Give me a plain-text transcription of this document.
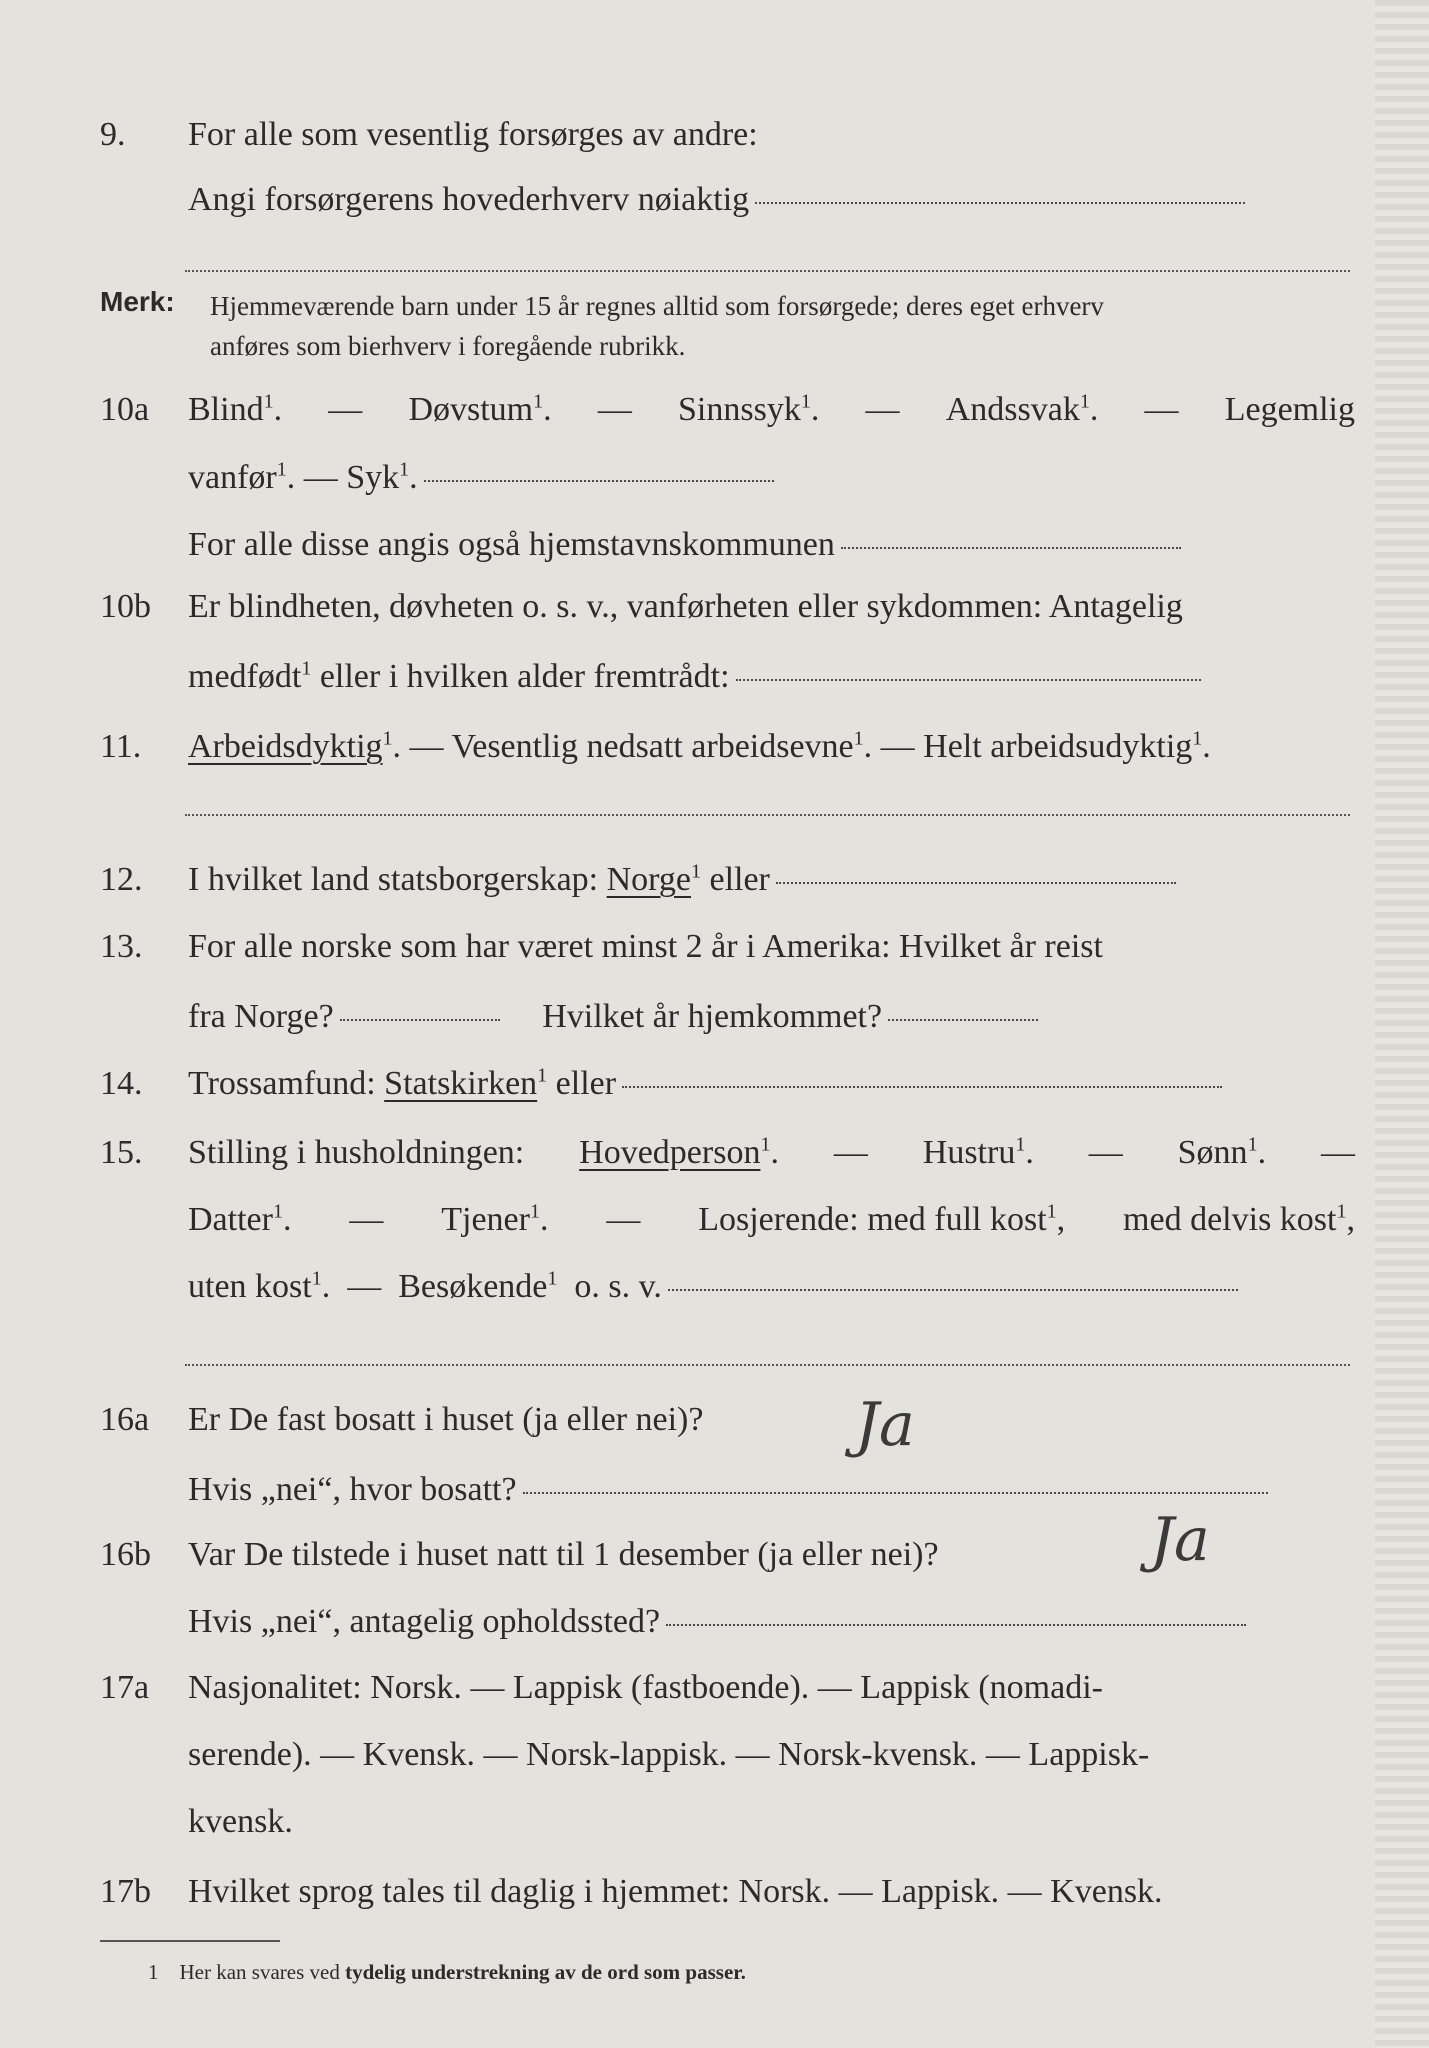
9.	For alle som vesentlig forsørges av andre:
Angi forsørgerens hovederhverv nøiaktig
Merk: Hjemmeværende barn under 15 år regnes alltid som forsørgede; deres eget erhverv
anføres som bierhverv i foregående rubrikk.
10a	Blind$^1$. — Døvstum$^1$. — Sinnssyk$^1$. — Andssvak$^1$. — Legemlig
vanfør$^1$. — Syk$^1$.
For alle disse angis også hjemstavnskommunen
10b	Er blindheten, døvheten o. s. v., vanførheten eller sykdommen: Antagelig
medfødt$^1$ eller i hvilken alder fremtrådt:
11.	Arbeidsdyktig$^1$. — Vesentlig nedsatt arbeidsevne$^1$. — Helt arbeidsudyktig$^1$.
12.	I hvilket land statsborgerskap: Norge$^1$ eller
13.	For alle norske som har været minst 2 år i Amerika: Hvilket år reist
fra Norge?	Hvilket år hjemkommet?
14.	Trossamfund: Statskirken$^1$ eller
15.	Stilling i husholdningen: Hovedperson$^1$. — Hustru$^1$. — Sønn$^1$. —
Datter$^1$. — Tjener$^1$. — Losjerende: med full kost$^1$, med delvis kost$^1$,
uten kost$^1$.  — Besøkende$^1$ o. s. v.
16a	Er De fast bosatt i huset (ja eller nei)?	Ja
Hvis „nei“, hvor bosatt?
16b	Var De tilstede i huset natt til 1 desember (ja eller nei)?	Ja
Hvis „nei“, antagelig opholdssted?
17a	Nasjonalitet: Norsk. — Lappisk (fastboende). — Lappisk (nomadi-
serende). — Kvensk. — Norsk-lappisk. — Norsk-kvensk. — Lappisk-
kvensk.
17b	Hvilket sprog tales til daglig i hjemmet: Norsk. — Lappisk. — Kvensk.
1 Her kan svares ved tydelig understrekning av de ord som passer.
